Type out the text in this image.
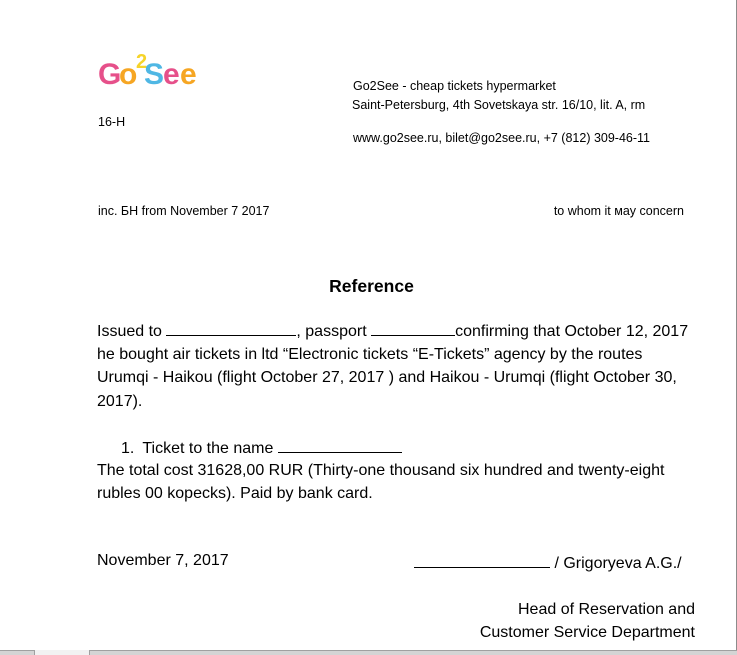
G
o
2
S
e e	Go2See - cheap tickets hypermarket
Saint-Petersburg, 4th Sovetskaya str. 16/10, lit. A, rm
16-H
www.go2see.ru, bilet@go2see.ru, +7 (812) 309-46-11
inc. БH from November 7 2017	to whom it мay concern
Reference
Issued to	, passport	confirming that October 12, 2017 he bought air tickets in ltd “Electronic tickets “E-Tickets” agency by the routes Urumqi - Haikou (flight October 27, 2017 ) and Haikou - Urumqi (flight October 30, 2017).
1. Ticket to the name
The total cost 31628,00 RUR (Thirty-one thousand six hundred and twenty-eight rubles 00 kopecks). Paid by bank card.
November 7, 2017	/ Grigoryeva A.G./
Head of Reservation and
Customer Service Department
